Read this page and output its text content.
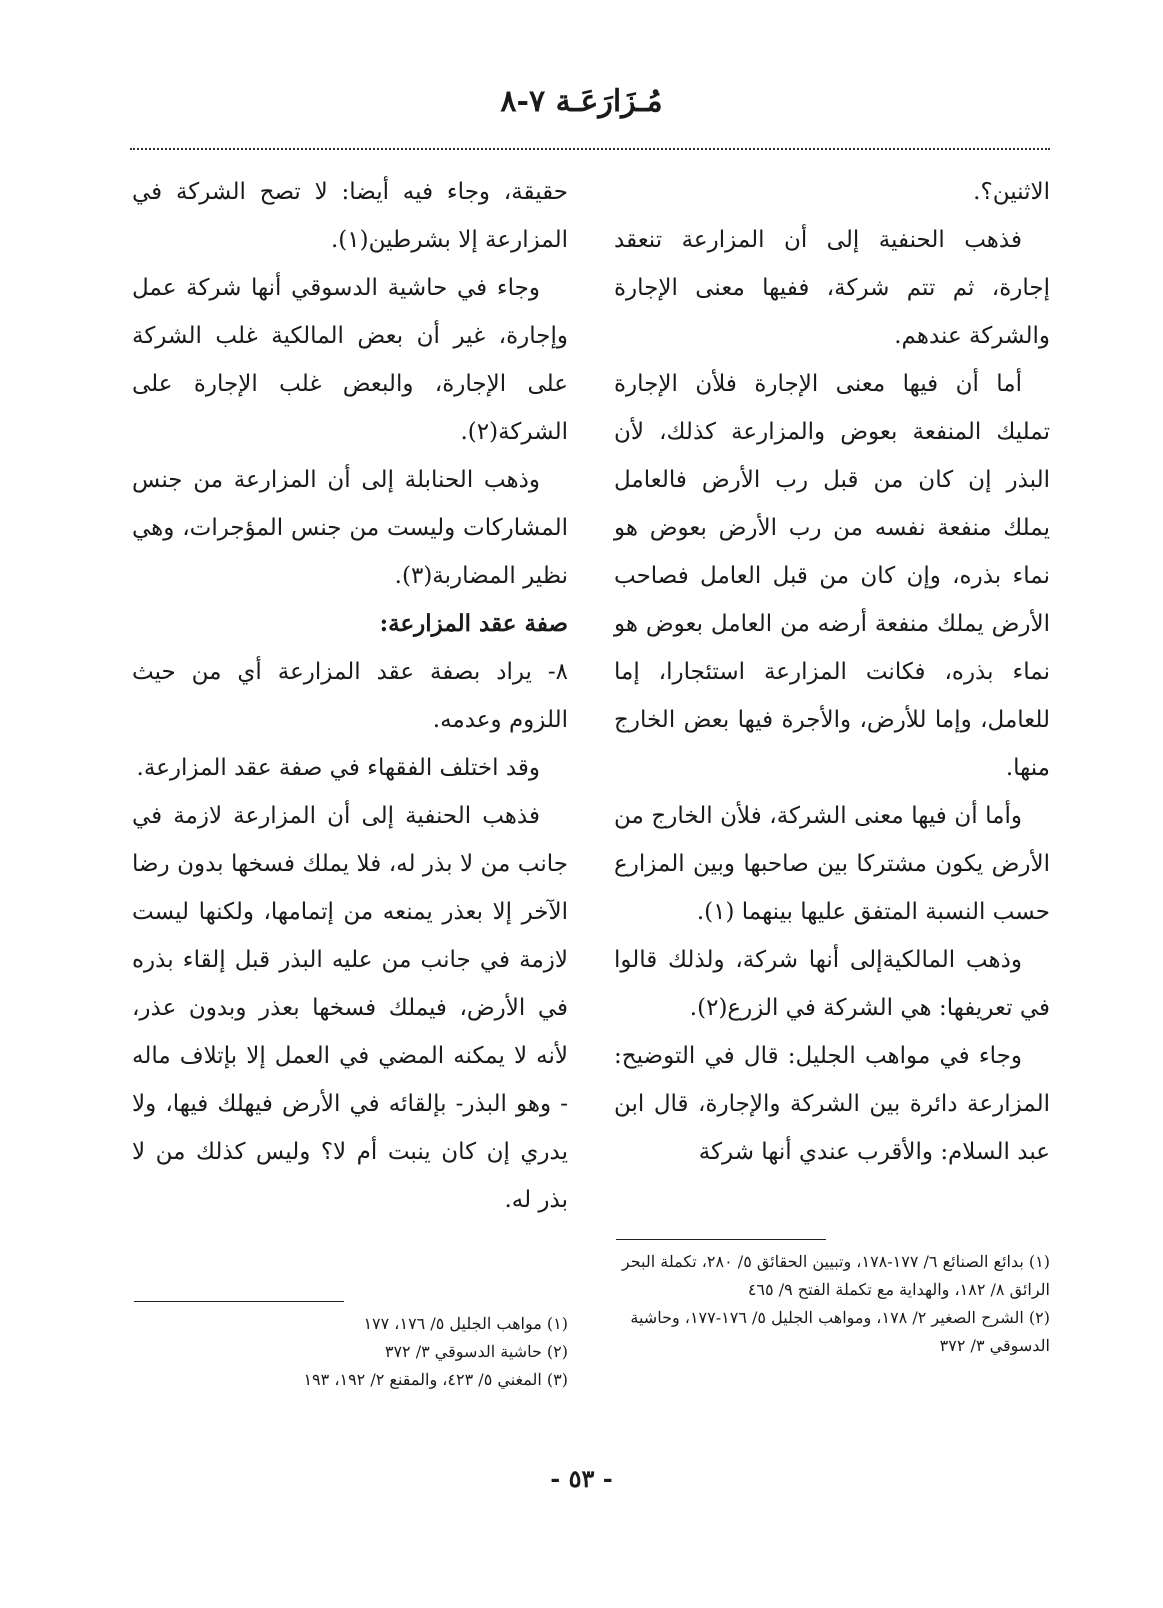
مُـزَارَعَـة ٧-٨

الاثنين؟.

فذهب الحنفية إلى أن المزارعة تنعقد إجارة، ثم تتم شركة، ففيها معنى الإجارة والشركة عندهم.

أما أن فيها معنى الإجارة فلأن الإجارة تمليك المنفعة بعوض والمزارعة كذلك، لأن البذر إن كان من قبل رب الأرض فالعامل يملك منفعة نفسه من رب الأرض بعوض هو نماء بذره، وإن كان من قبل العامل فصاحب الأرض يملك منفعة أرضه من العامل بعوض هو نماء بذره، فكانت المزارعة استئجارا، إما للعامل، وإما للأرض، والأجرة فيها بعض الخارج منها.

وأما أن فيها معنى الشركة، فلأن الخارج من الأرض يكون مشتركا بين صاحبها وبين المزارع حسب النسبة المتفق عليها بينهما (١).

وذهب المالكيةإلى أنها شركة، ولذلك قالوا في تعريفها: هي الشركة في الزرع(٢).

وجاء في مواهب الجليل: قال في التوضيح: المزارعة دائرة بين الشركة والإجارة، قال ابن عبد السلام: والأقرب عندي أنها شركة

حقيقة، وجاء فيه أيضا: لا تصح الشركة في المزارعة إلا بشرطين(١).

وجاء في حاشية الدسوقي أنها شركة عمل وإجارة، غير أن بعض المالكية غلب الشركة على الإجارة، والبعض غلب الإجارة على الشركة(٢).

وذهب الحنابلة إلى أن المزارعة من جنس المشاركات وليست من جنس المؤجرات، وهي نظير المضاربة(٣).

صفة عقد المزارعة:

٨- يراد بصفة عقد المزارعة أي من حيث اللزوم وعدمه.

وقد اختلف الفقهاء في صفة عقد المزارعة.

فذهب الحنفية إلى أن المزارعة لازمة في جانب من لا بذر له، فلا يملك فسخها بدون رضا الآخر إلا بعذر يمنعه من إتمامها، ولكنها ليست لازمة في جانب من عليه البذر قبل إلقاء بذره في الأرض، فيملك فسخها بعذر وبدون عذر، لأنه لا يمكنه المضي في العمل إلا بإتلاف ماله - وهو البذر- بإلقائه في الأرض فيهلك فيها، ولا يدري إن كان ينبت أم لا؟ وليس كذلك من لا بذر له.

(١) بدائع الصنائع ٦/ ١٧٧-١٧٨، وتبيين الحقائق ٥/ ٢٨٠، تكملة البحر الرائق ٨/ ١٨٢، والهداية مع تكملة الفتح ٩/ ٤٦٥

(٢) الشرح الصغير ٢/ ١٧٨، ومواهب الجليل ٥/ ١٧٦-١٧٧، وحاشية الدسوقي ٣/ ٣٧٢

(١) مواهب الجليل ٥/ ١٧٦، ١٧٧

(٢) حاشية الدسوقي ٣/ ٣٧٢

(٣) المغني ٥/ ٤٢٣، والمقنع ٢/ ١٩٢، ١٩٣

- ٥٣ -
